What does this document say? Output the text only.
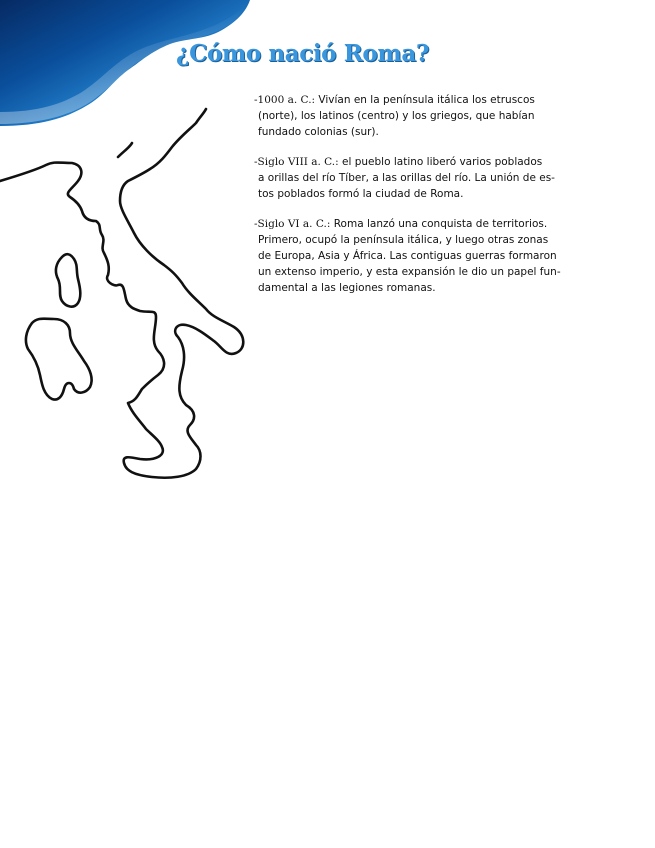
¿Cómo nació Roma?
-1000 a. C.: Vivían en la península itálica los etruscos
(norte), los latinos (centro) y los griegos, que habían
fundado colonias (sur).
-Siglo VIII a. C.: el pueblo latino liberó varios poblados
a orillas del río Tíber, a las orillas del río. La unión de es-
tos poblados formó la ciudad de Roma.
-Siglo VI a. C.: Roma lanzó una conquista de territorios.
Primero, ocupó la península itálica, y luego otras zonas
de Europa, Asia y África. Las contiguas guerras formaron
un extenso imperio, y esta expansión le dio un papel fun-
damental a las legiones romanas.
